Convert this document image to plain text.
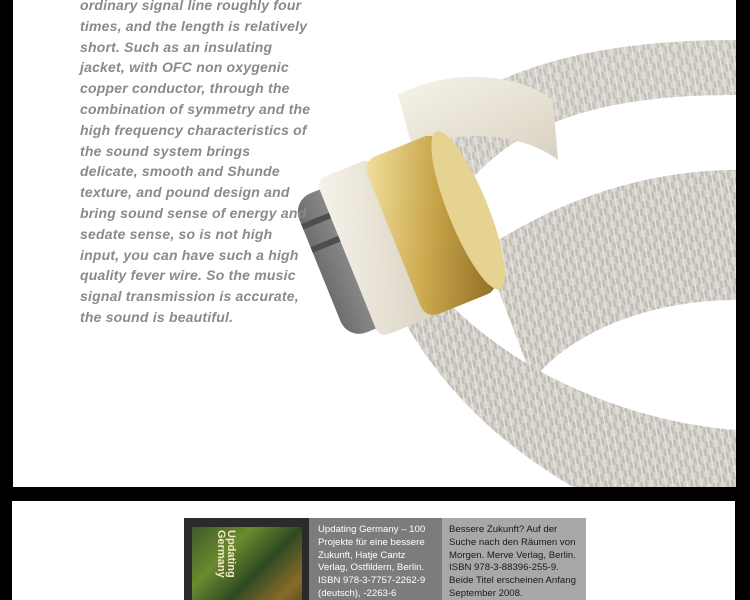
ordinary signal line roughly four
times, and the length is relatively
short. Such as an insulating
jacket, with OFC non oxygenic
copper conductor, through the
combination of symmetry and the
high frequency characteristics of
the sound system brings
delicate, smooth and Shunde
texture, and pound design and
bring sound sense of energy and
sedate sense, so is not high
input, you can have such a high
quality fever wire. So the music
signal transmission is accurate,
the sound is beautiful.

Updating Germany
Updating Germany – 100
Projekte für eine bessere
Zukunft, Hatje Cantz
Verlag, Ostfildern, Berlin.
ISBN 978-3-7757-2262-9
(deutsch), -2263-6
Bessere Zukunft? Auf der
Suche nach den Räumen von
Morgen. Merve Verlag, Berlin.
ISBN 978-3-88396-255-9.
Beide Titel erscheinen Anfang
September 2008.
